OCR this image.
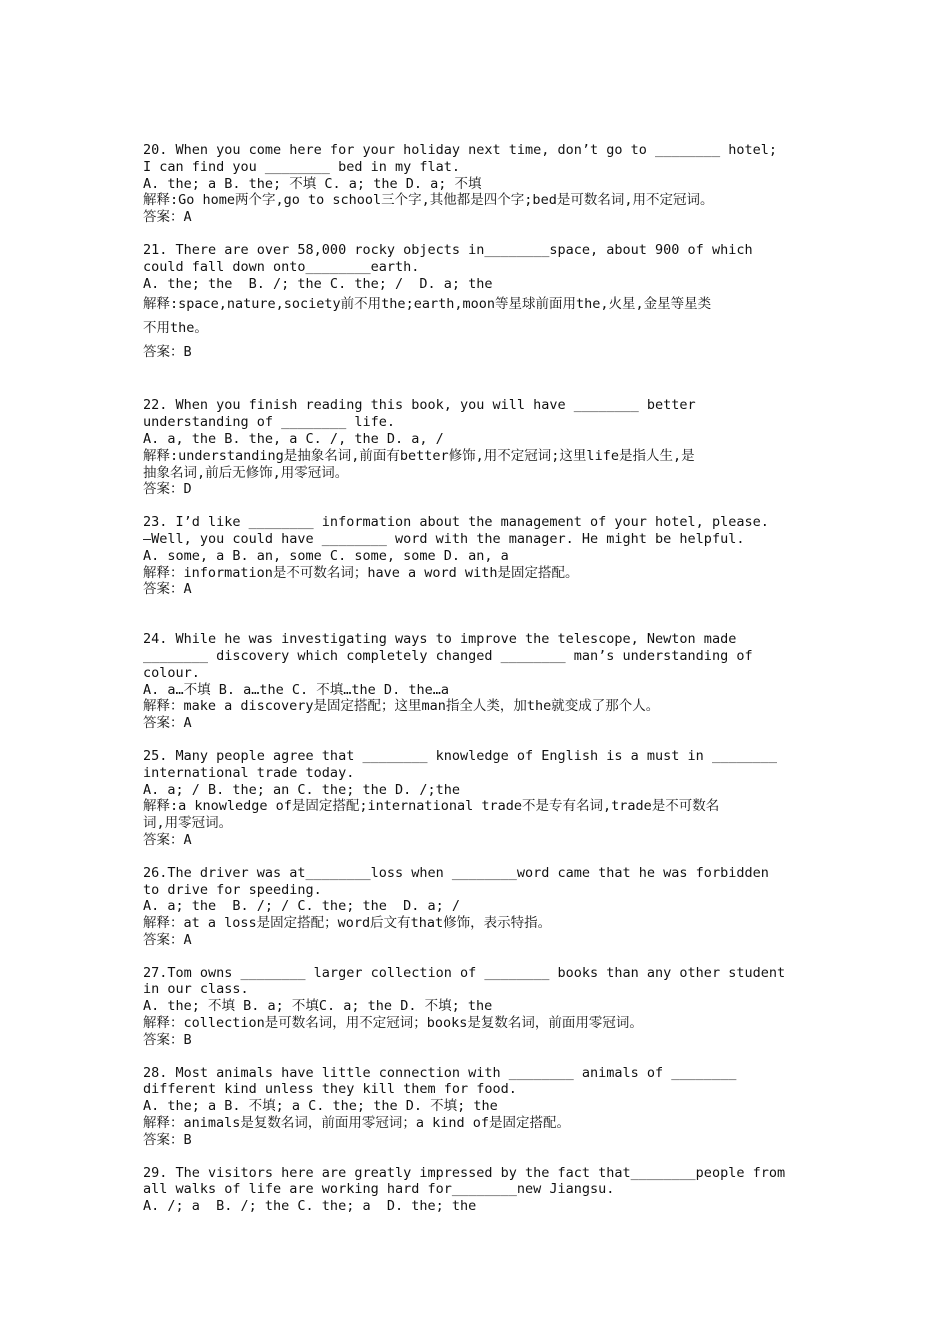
20. When you come here for your holiday next time, don’t go to ________ hotel;
I can find you ________ bed in my flat.
A. the; a B. the; 不填 C. a; the D. a; 不填
解释:Go home两个字,go to school三个字,其他都是四个字;bed是可数名词,用不定冠词。
答案：A
21. There are over 58,000 rocky objects in________space, about 900 of which
could fall down onto________earth.
A. the; the  B. /; the C. the; /  D. a; the
解释:space,nature,society前不用the;earth,moon等星球前面用the,火星,金星等星类
不用the。
答案：B
22. When you finish reading this book, you will have ________ better
understanding of ________ life.
A. a, the B. the, a C. /, the D. a, /
解释:understanding是抽象名词,前面有better修饰,用不定冠词;这里life是指人生,是
抽象名词,前后无修饰,用零冠词。
答案：D
23. I’d like ________ information about the management of your hotel, please.
—Well, you could have ________ word with the manager. He might be helpful.
A. some, a B. an, some C. some, some D. an, a
解释：information是不可数名词；have a word with是固定搭配。
答案：A
24. While he was investigating ways to improve the telescope, Newton made
________ discovery which completely changed ________ man’s understanding of
colour.
A. a…不填 B. a…the C. 不填…the D. the…a
解释：make a discovery是固定搭配；这里man指全人类，加the就变成了那个人。
答案：A
25. Many people agree that ________ knowledge of English is a must in ________
international trade today.
A. a; / B. the; an C. the; the D. /;the
解释:a knowledge of是固定搭配;international trade不是专有名词,trade是不可数名
词,用零冠词。
答案：A
26.The driver was at________loss when ________word came that he was forbidden
to drive for speeding.
A. a; the  B. /; / C. the; the  D. a; /
解释：at a loss是固定搭配；word后文有that修饰，表示特指。
答案：A
27.Tom owns ________ larger collection of ________ books than any other student
in our class.
A. the; 不填 B. a; 不填C. a; the D. 不填; the
解释：collection是可数名词，用不定冠词；books是复数名词，前面用零冠词。
答案：B
28. Most animals have little connection with ________ animals of ________
different kind unless they kill them for food.
A. the; a B. 不填; a C. the; the D. 不填; the
解释：animals是复数名词，前面用零冠词；a kind of是固定搭配。
答案：B
29. The visitors here are greatly impressed by the fact that________people from
all walks of life are working hard for________new Jiangsu.
A. /; a  B. /; the C. the; a  D. the; the
